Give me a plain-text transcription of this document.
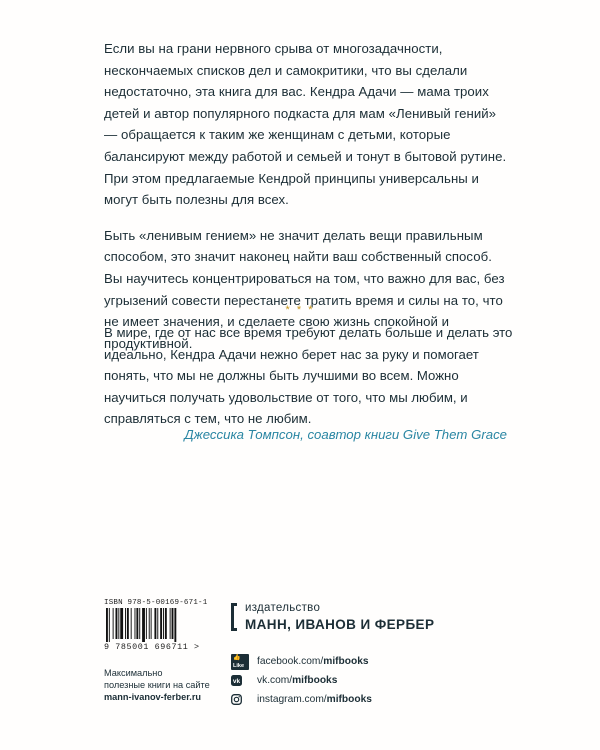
Если вы на грани нервного срыва от многозадачности, нескончаемых списков дел и самокритики, что вы сделали недостаточно, эта книга для вас. Кендра Адачи — мама троих детей и автор популярного подкаста для мам «Ленивый гений» — обращается к таким же женщинам с детьми, которые балансируют между работой и семьей и тонут в бытовой рутине. При этом предлагаемые Кендрой принципы универсальны и могут быть полезны для всех.

Быть «ленивым гением» не значит делать вещи правильным способом, это значит наконец найти ваш собственный способ. Вы научитесь концентрироваться на том, что важно для вас, без угрызений совести перестанете тратить время и силы на то, что не имеет значения, и сделаете свою жизнь спокойной и продуктивной.

* * *

В мире, где от нас все время требуют делать больше и делать это идеально, Кендра Адачи нежно берет нас за руку и помогает понять, что мы не должны быть лучшими во всем. Можно научиться получать удовольствие от того, что мы любим, и справляться с тем, что не любим.

Джессика Томпсон, соавтор книги Give Them Grace
ISBN 978-5-00169-671-1
9 785001 696711 >
Максимально
полезные книги на сайте
mann-ivanov-ferber.ru
издательство
МАНН, ИВАНОВ И ФЕРБЕР
👍Like	facebook.com/ mifbooks
vk vk.com/ mifbooks
instagram.com/ mifbooks
